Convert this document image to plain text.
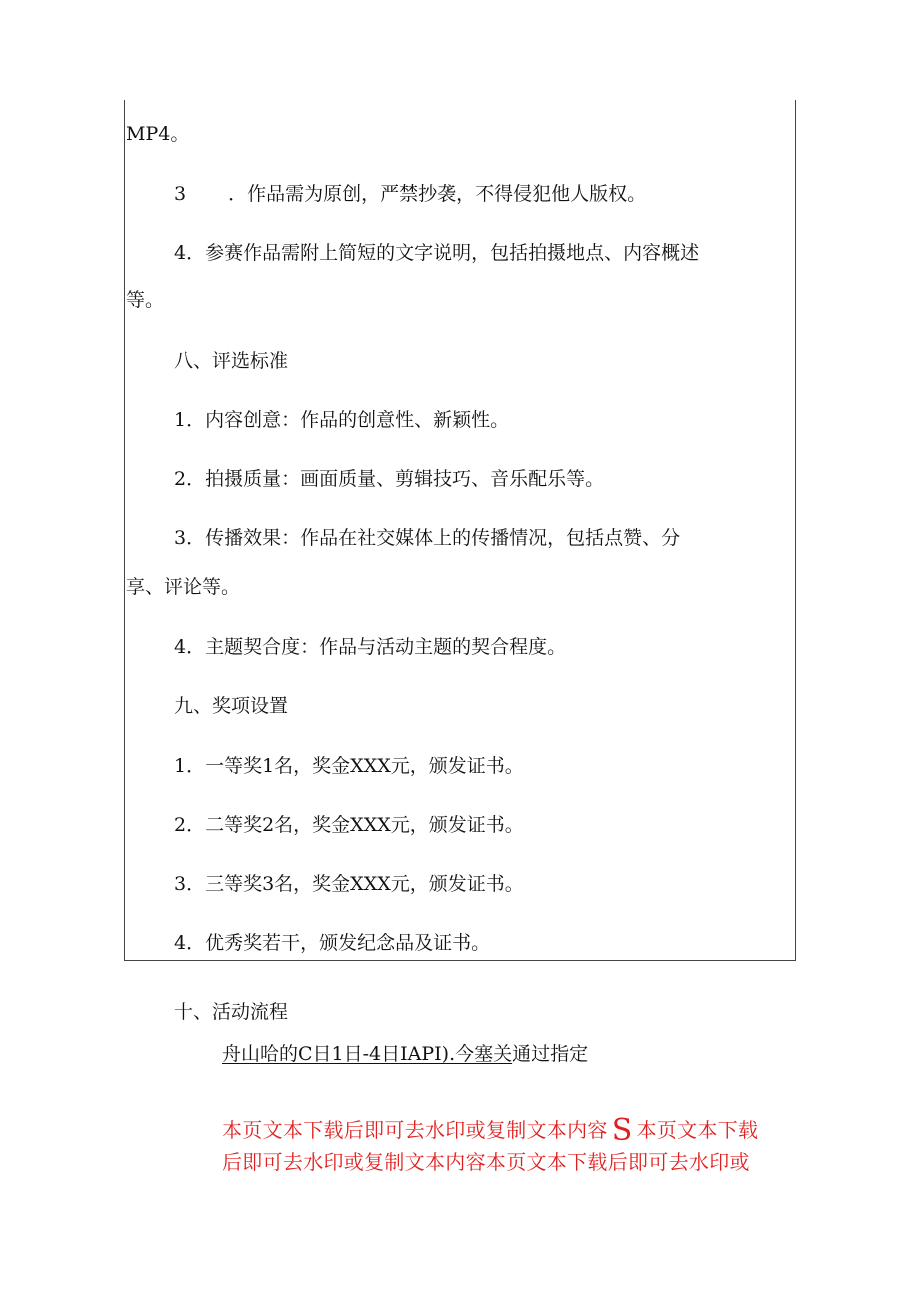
MP4。
3 ．作品需为原创，严禁抄袭，不得侵犯他人版权。
4．参赛作品需附上简短的文字说明，包括拍摄地点、内容概述
等。
八、评选标准
1．内容创意：作品的创意性、新颖性。
2．拍摄质量：画面质量、剪辑技巧、音乐配乐等。
3．传播效果：作品在社交媒体上的传播情况，包括点赞、分
享、评论等。
4．主题契合度：作品与活动主题的契合程度。
九、奖项设置
1．一等奖1名，奖金XXX元，颁发证书。
2．二等奖2名，奖金XXX元，颁发证书。
3．三等奖3名，奖金XXX元，颁发证书。
4．优秀奖若干，颁发纪念品及证书。
十、活动流程
舟山哈的C日1日-4日IAPI).今塞关通过指定
本页文本下载后即可去水印或复制文本内容 S 本页文本下载
后即可去水印或复制文本内容本页文本下载后即可去水印或
